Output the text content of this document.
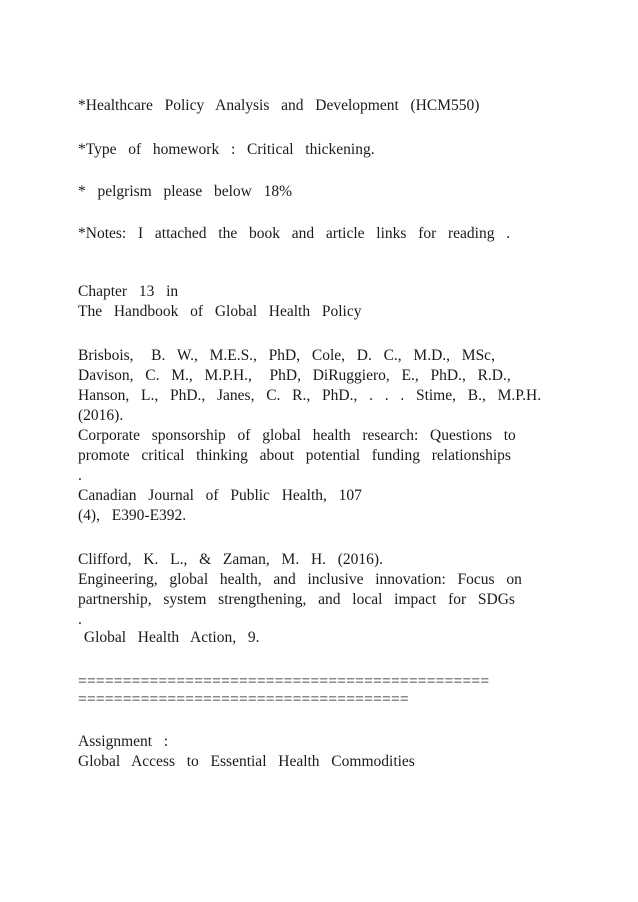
*Healthcare  Policy  Analysis  and  Development  (HCM550)
*Type  of  homework  :  Critical  thickening.
*  pelgrism  please  below  18%
*Notes:  I  attached  the  book  and  article  links  for  reading  .
Chapter  13  in
The  Handbook  of  Global  Health  Policy
Brisbois,   B.  W.,  M.E.S.,  PhD,  Cole,  D.  C.,  M.D.,  MSc,
Davison,  C.  M.,  M.P.H.,   PhD,  DiRuggiero,  E.,  PhD.,  R.D.,
Hanson,  L.,  PhD.,  Janes,  C.  R.,  PhD.,  .  .  .  Stime,  B.,  M.P.H.
(2016).
Corporate  sponsorship  of  global  health  research:  Questions  to
promote  critical  thinking  about  potential  funding  relationships
.
Canadian  Journal  of  Public  Health,  107
(4),  E390-E392.
Clifford,  K.  L.,  &  Zaman,  M.  H.  (2016).
Engineering,  global  health,  and  inclusive  innovation:  Focus  on
partnership,  system  strengthening,  and  local  impact  for  SDGs
.
Global  Health  Action,  9.
==============================================
=====================================
Assignment  :
Global  Access  to  Essential  Health  Commodities
